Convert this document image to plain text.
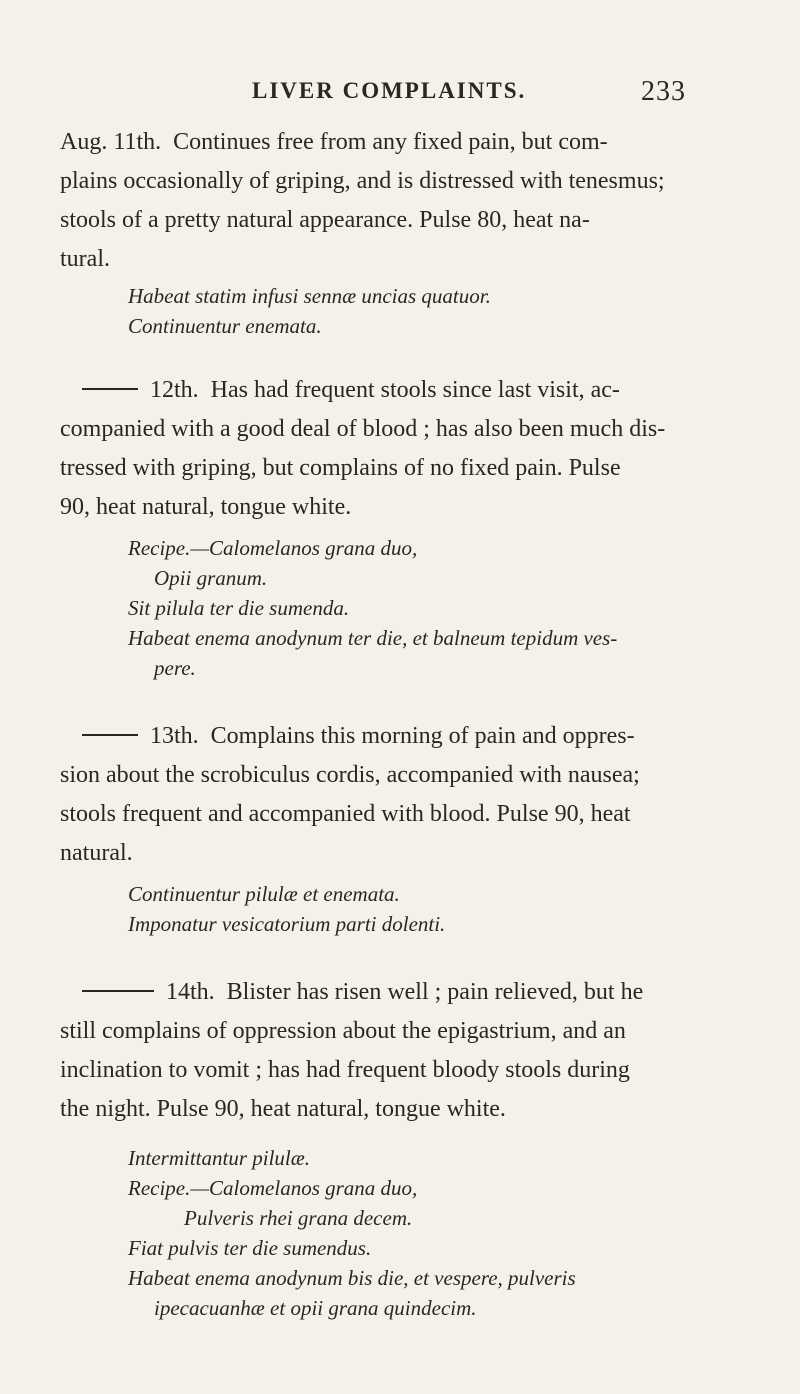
LIVER COMPLAINTS.	233
Aug. 11th. Continues free from any fixed pain, but com-
plains occasionally of griping, and is distressed with tenesmus;
stools of a pretty natural appearance. Pulse 80, heat na-
tural.
Habeat statim infusi sennæ uncias quatuor.
Continuentur enemata.
12th. Has had frequent stools since last visit, ac-
companied with a good deal of blood ; has also been much dis-
tressed with griping, but complains of no fixed pain. Pulse
90, heat natural, tongue white.
Recipe.—Calomelanos grana duo,
Opii granum.
Sit pilula ter die sumenda.
Habeat enema anodynum ter die, et balneum tepidum ves-
pere.
13th. Complains this morning of pain and oppres-
sion about the scrobiculus cordis, accompanied with nausea;
stools frequent and accompanied with blood. Pulse 90, heat
natural.
Continuentur pilulæ et enemata.
Imponatur vesicatorium parti dolenti.
14th. Blister has risen well ; pain relieved, but he
still complains of oppression about the epigastrium, and an
inclination to vomit ; has had frequent bloody stools during
the night. Pulse 90, heat natural, tongue white.
Intermittantur pilulæ.
Recipe.—Calomelanos grana duo,
Pulveris rhei grana decem.
Fiat pulvis ter die sumendus.
Habeat enema anodynum bis die, et vespere, pulveris
ipecacuanhæ et opii grana quindecim.
